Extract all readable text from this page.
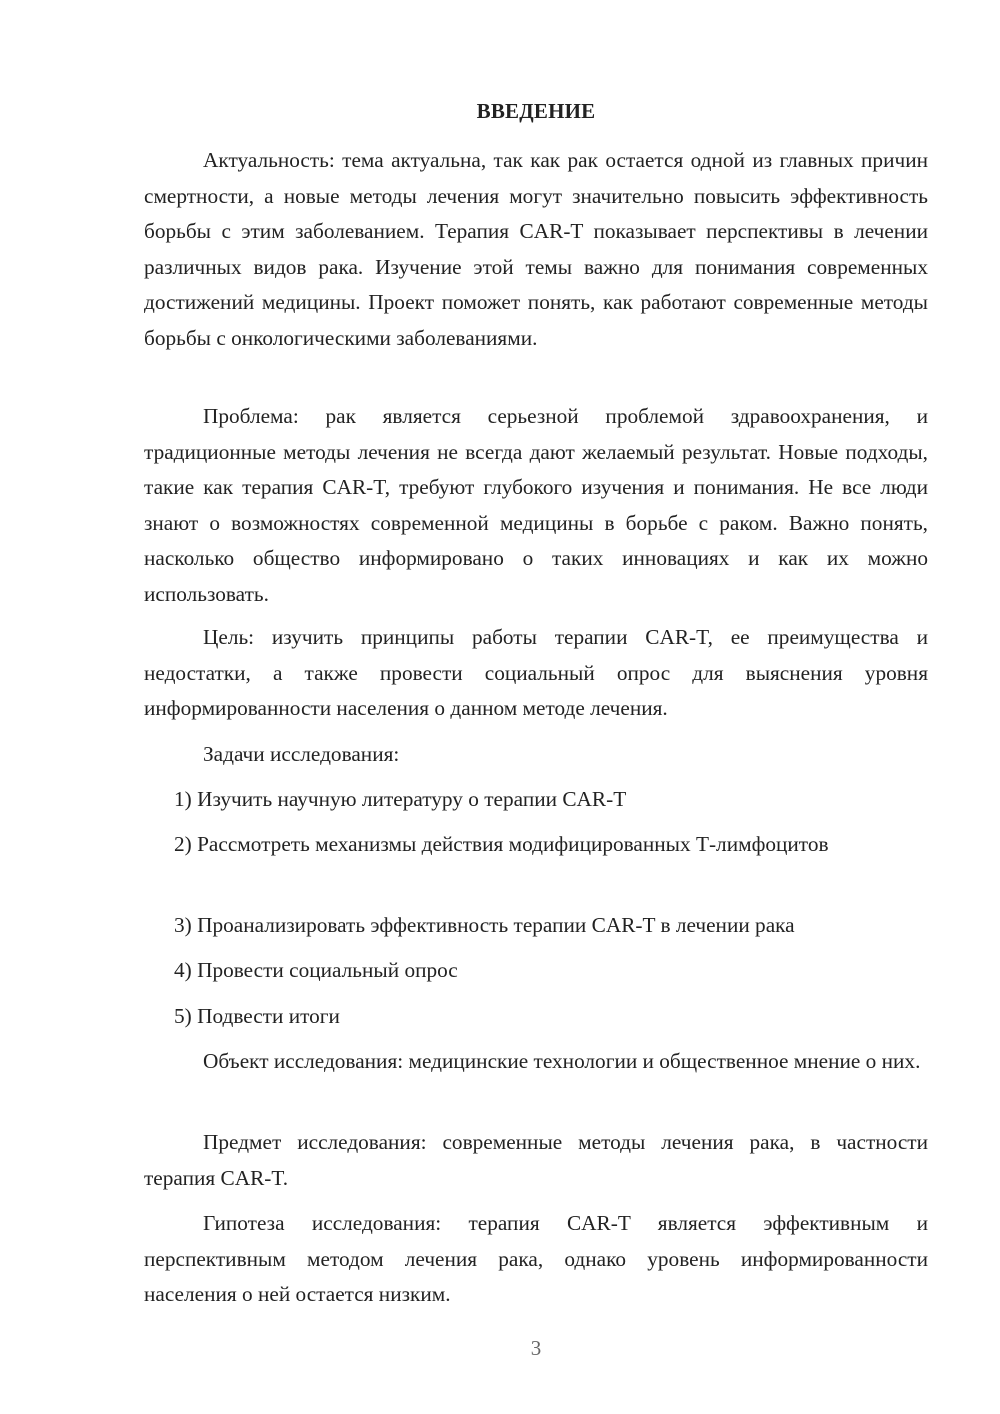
ВВЕДЕНИЕ

Актуальность: тема актуальна, так как рак остается одной из главных причин смертности, а новые методы лечения могут значительно повысить эффективность борьбы с этим заболеванием. Терапия CAR-T показывает перспективы в лечении различных видов рака. Изучение этой темы важно для понимания современных достижений медицины. Проект поможет понять, как работают современные методы борьбы с онкологическими заболеваниями.

Проблема: рак является серьезной проблемой здравоохранения, и традиционные методы лечения не всегда дают желаемый результат. Новые подходы, такие как терапия CAR-T, требуют глубокого изучения и понимания. Не все люди знают о возможностях современной медицины в борьбе с раком. Важно понять, насколько общество информировано о таких инновациях и как их можно использовать.

Цель: изучить принципы работы терапии CAR-T, ее преимущества и недостатки, а также провести социальный опрос для выяснения уровня информированности населения о данном методе лечения.

Задачи исследования:
1) Изучить научную литературу о терапии CAR-T

2) Рассмотреть механизмы действия модифицированных Т-лимфоцитов

3) Проанализировать эффективность терапии CAR-T в лечении рака
4) Провести социальный опрос
5) Подвести итоги

Объект исследования: медицинские технологии и общественное мнение о них.

Предмет исследования: современные методы лечения рака, в частности терапия CAR-T.

Гипотеза исследования: терапия CAR-T является эффективным и перспективным методом лечения рака, однако уровень информированности населения о ней остается низким.

3
